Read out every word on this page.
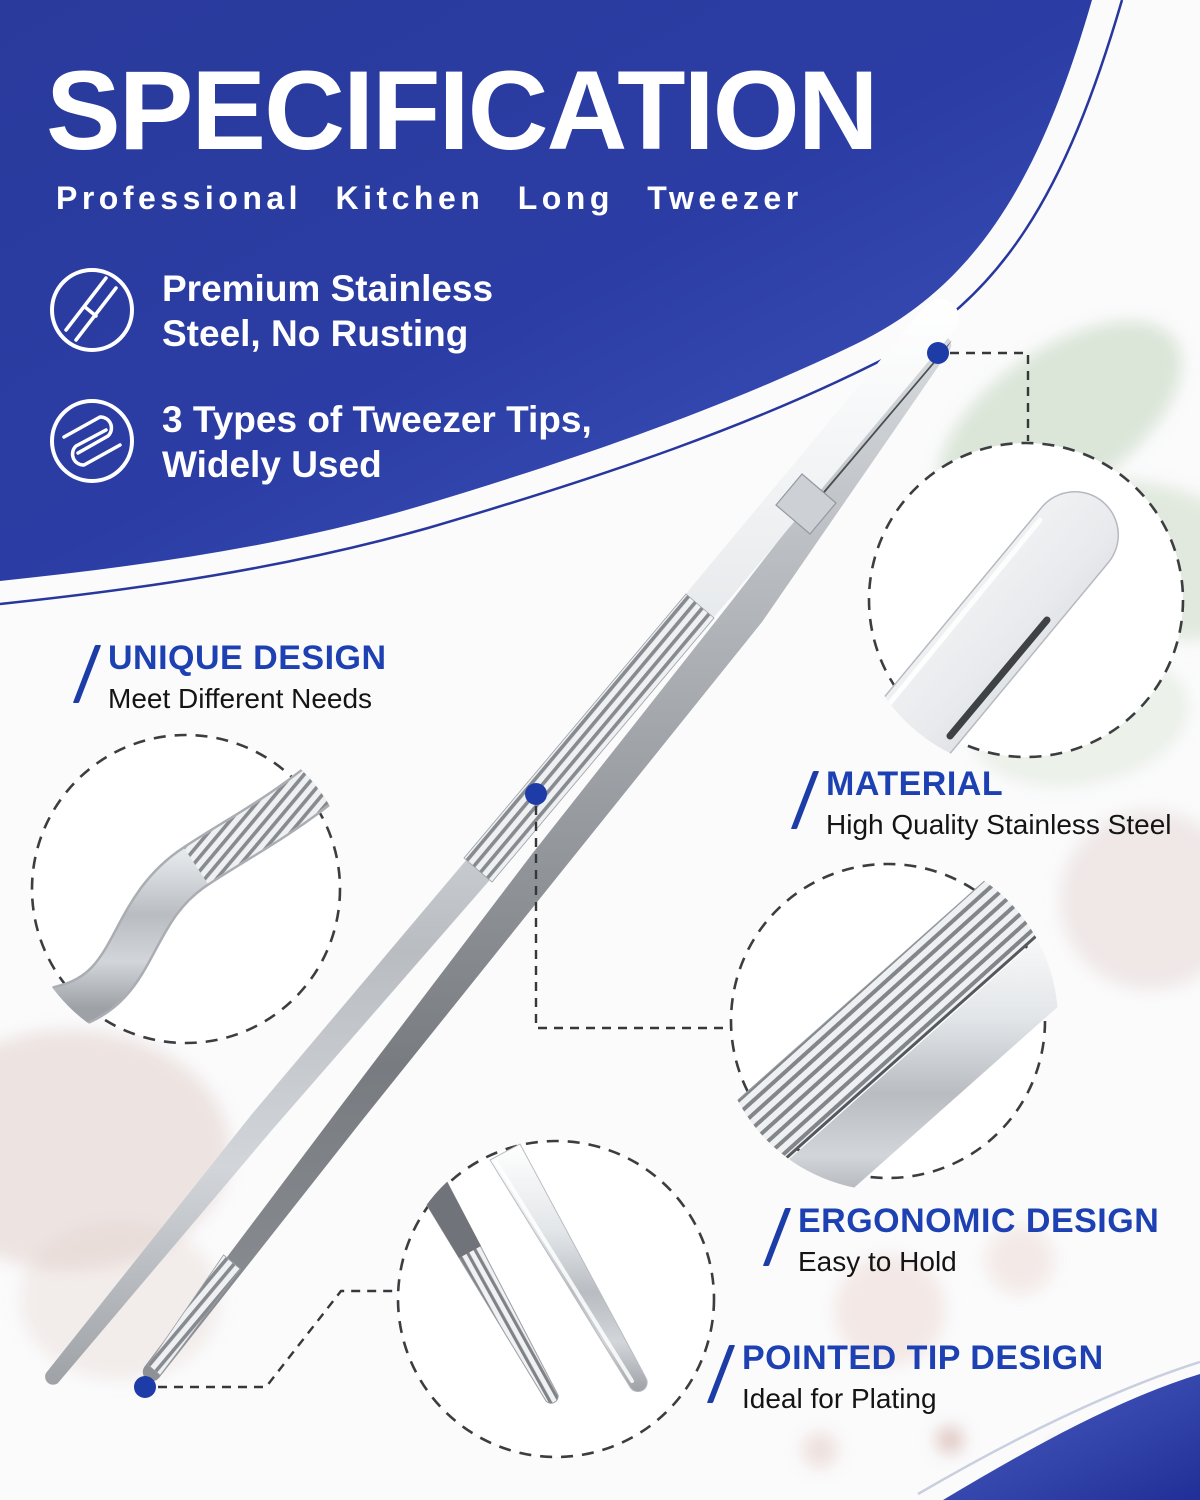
SPECIFICATION
Professional Kitchen Long Tweezer
Premium Stainless
Steel, No Rusting
3 Types of Tweezer Tips,
Widely Used
UNIQUE DESIGN
Meet Different Needs
MATERIAL
High Quality Stainless Steel
ERGONOMIC DESIGN
Easy to Hold
POINTED TIP DESIGN
Ideal for Plating
